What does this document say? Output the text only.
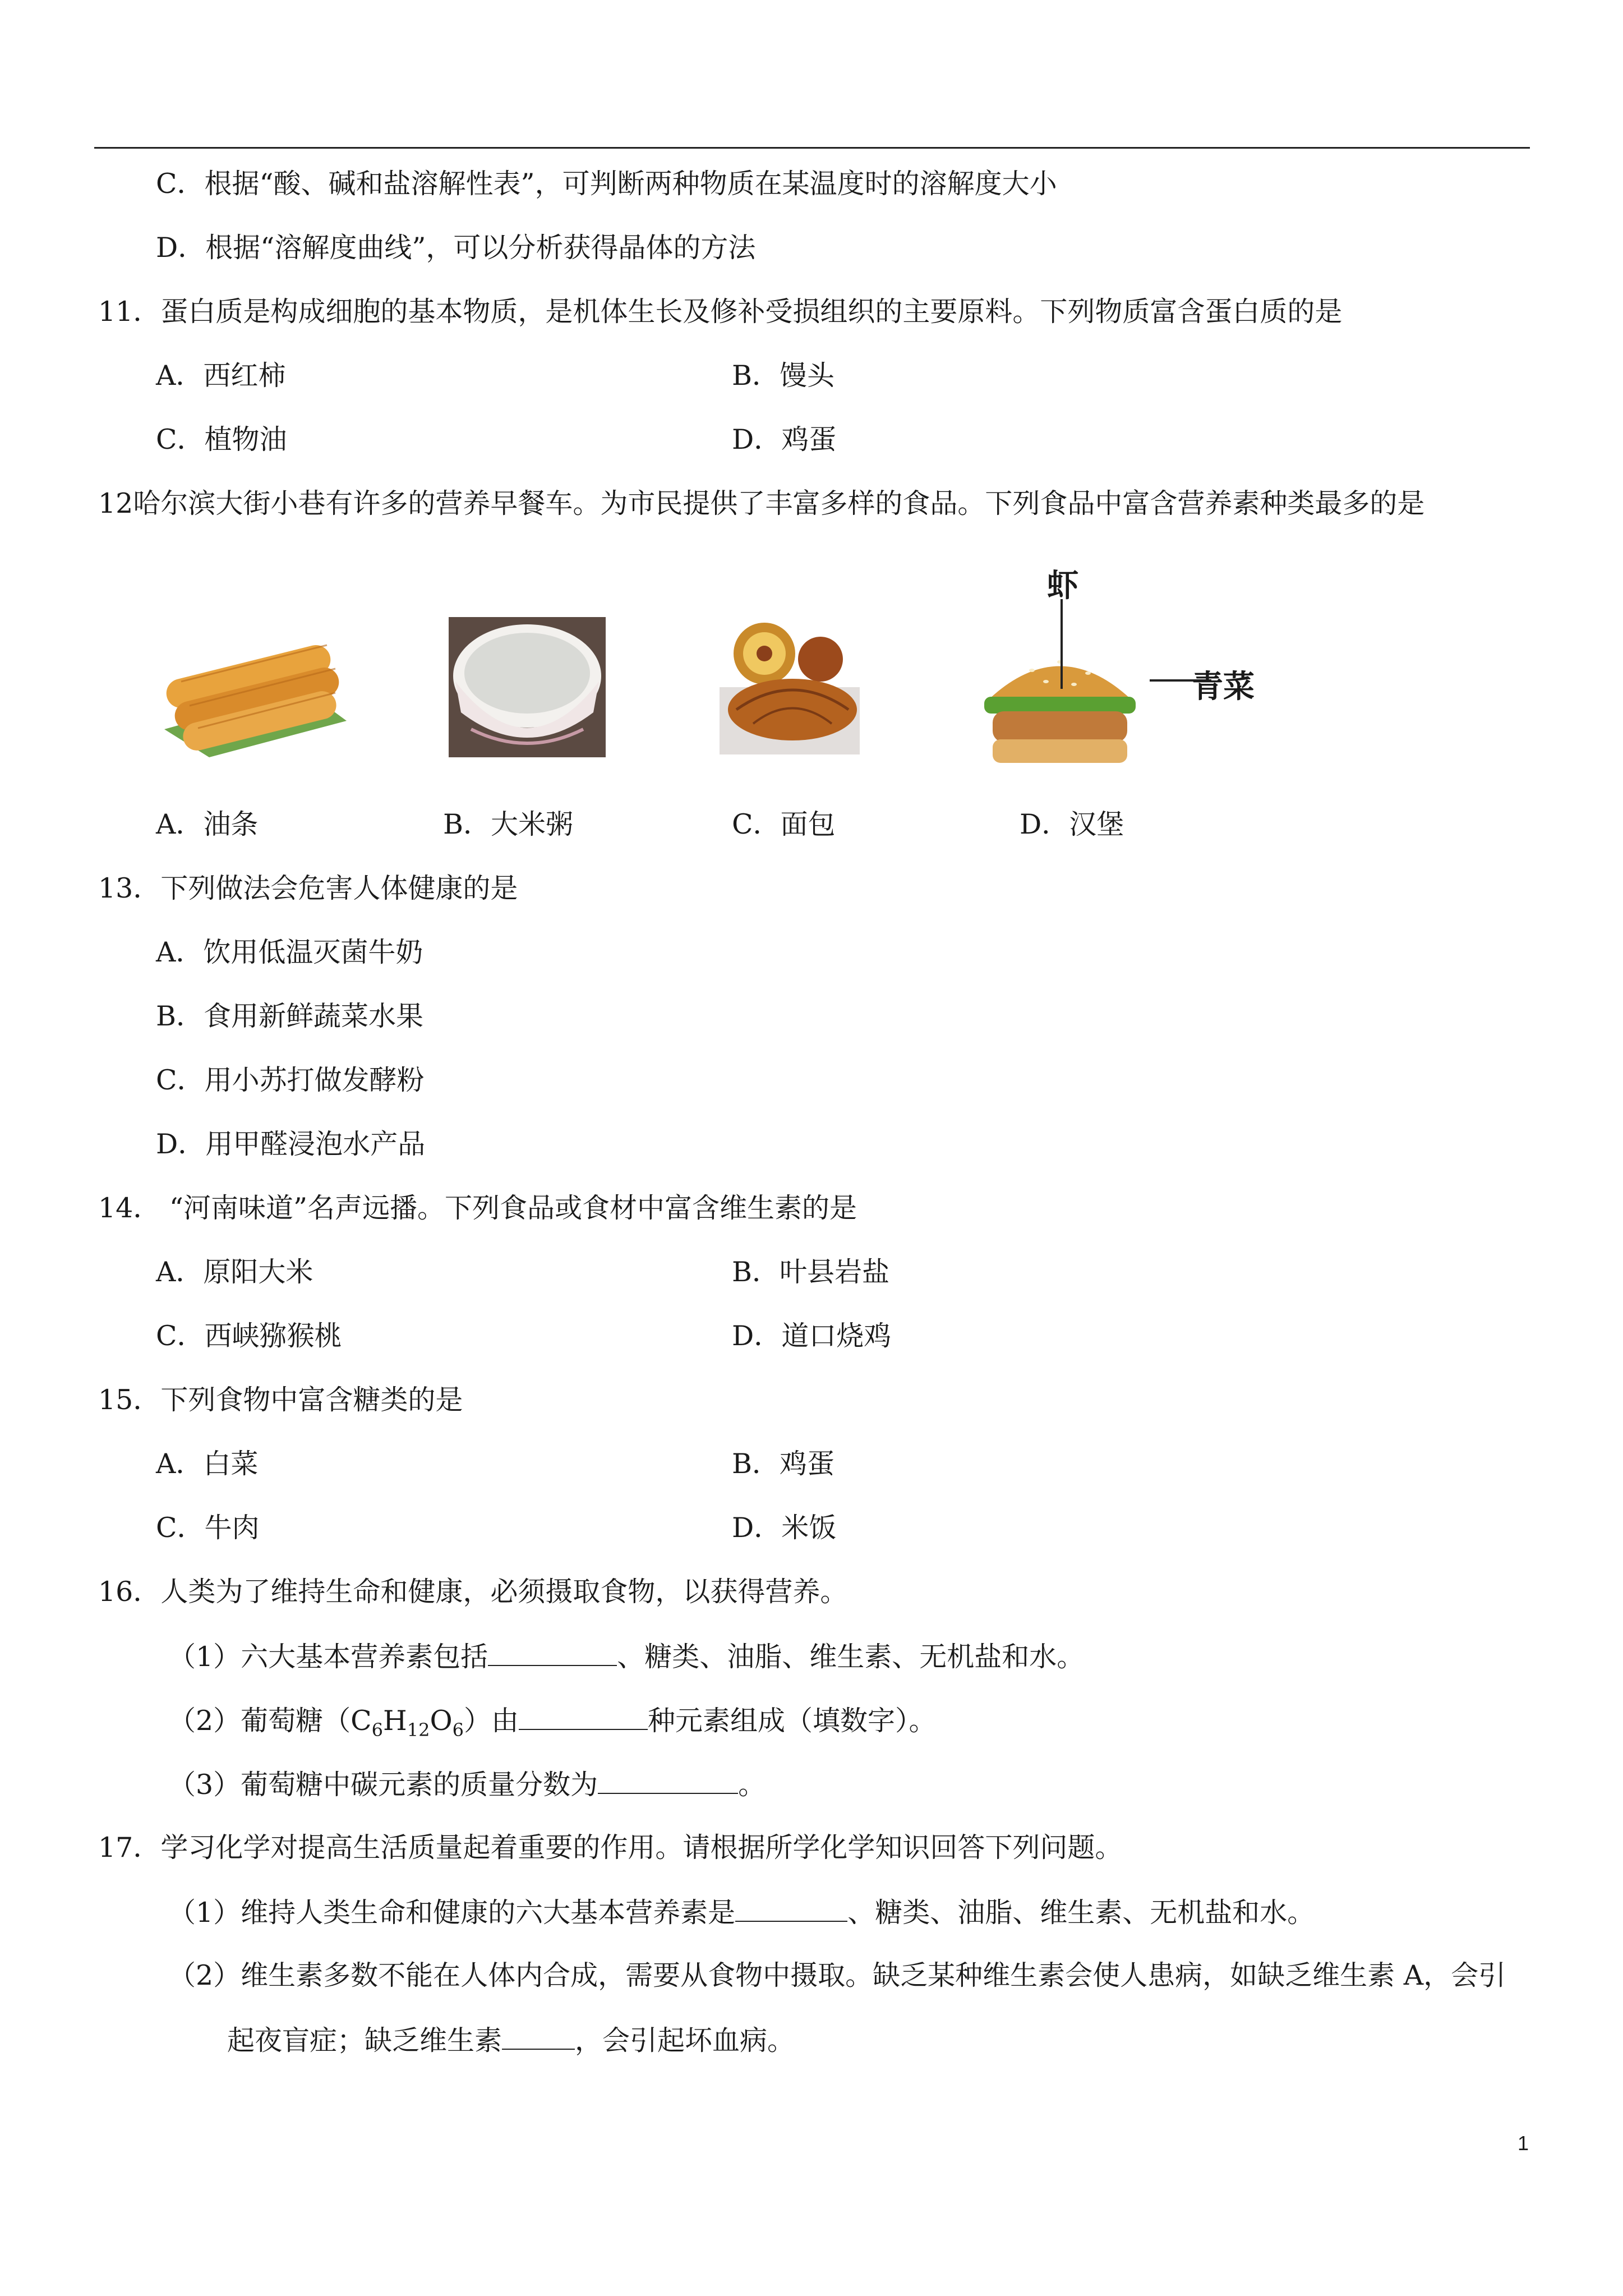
C．根据“酸、碱和盐溶解性表”，可判断两种物质在某温度时的溶解度大小
D．根据“溶解度曲线”，可以分析获得晶体的方法
11．蛋白质是构成细胞的基本物质，是机体生长及修补受损组织的主要原料。下列物质富含蛋白质的是
A．西红柿	B．馒头
C．植物油	D．鸡蛋
12哈尔滨大街小巷有许多的营养早餐车。为市民提供了丰富多样的食品。下列食品中富含营养素种类最多的是
虾
青菜
A．油条	B．大米粥	C．面包	D．汉堡
13．下列做法会危害人体健康的是
A．饮用低温灭菌牛奶
B．食用新鲜蔬菜水果
C．用小苏打做发酵粉
D．用甲醛浸泡水产品
14． “河南味道”名声远播。下列食品或食材中富含维生素的是
A．原阳大米	B．叶县岩盐
C．西峡猕猴桃	D．道口烧鸡
15．下列食物中富含糖类的是
A．白菜	B．鸡蛋
C．牛肉	D．米饭
16．人类为了维持生命和健康，必须摄取食物，以获得营养。
（1）六大基本营养素包括	、糖类、油脂、维生素、无机盐和水。
（2）葡萄糖$(C_6H_{12}O_6)$由	种元素组成（填数字）。
（3）葡萄糖中碳元素的质量分数为	。
17．学习化学对提高生活质量起着重要的作用。请根据所学化学知识回答下列问题。
（1）维持人类生命和健康的六大基本营养素是	、糖类、油脂、维生素、无机盐和水。
（2）维生素多数不能在人体内合成，需要从食物中摄取。缺乏某种维生素会使人患病，如缺乏维生素 A，会引
起夜盲症；缺乏维生素	，会引起坏血病。
1
